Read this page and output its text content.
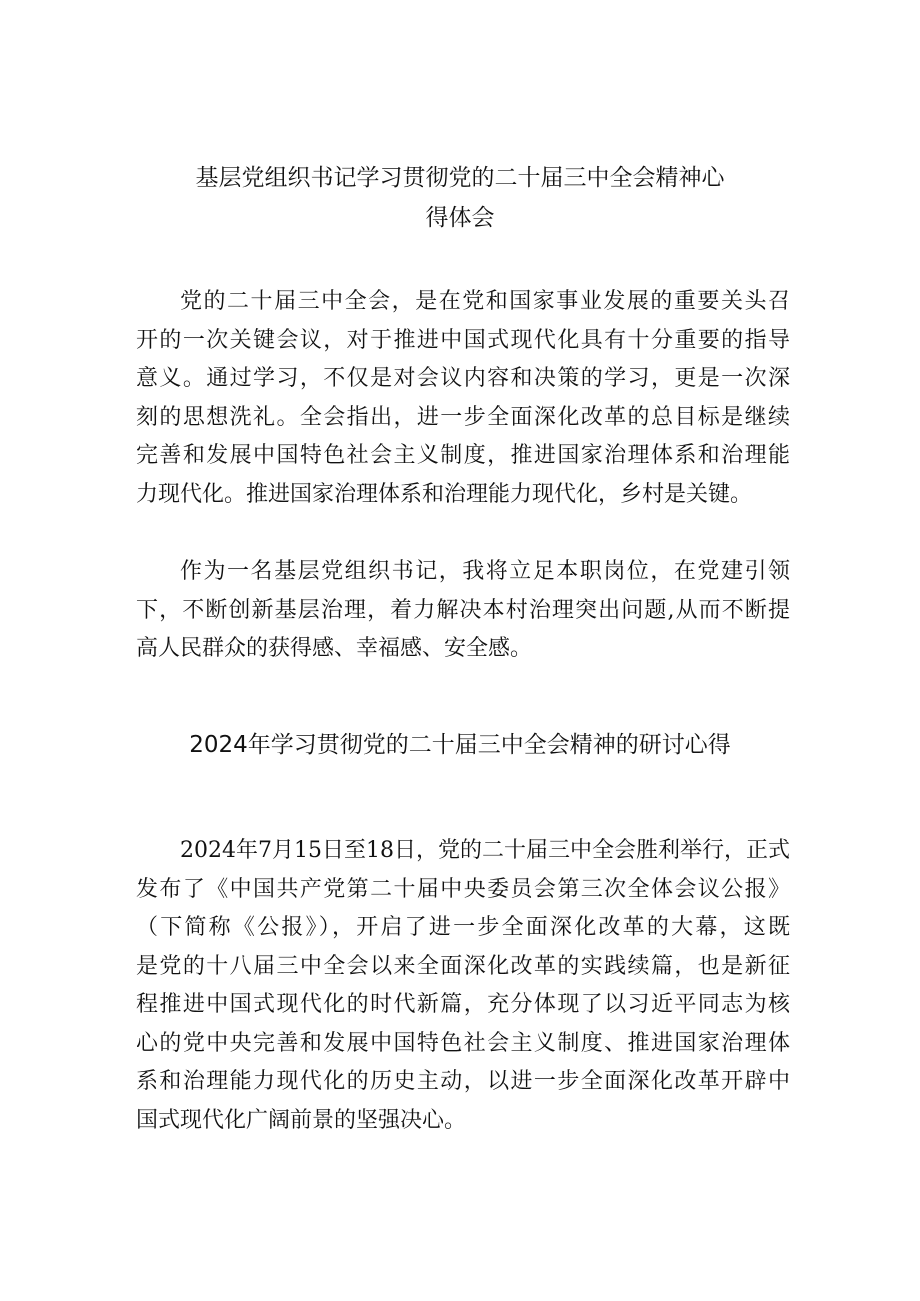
基层党组织书记学习贯彻党的二十届三中全会精神心
得体会
党的二十届三中全会，是在党和国家事业发展的重要关头召
开的一次关键会议，对于推进中国式现代化具有十分重要的指导
意义。通过学习，不仅是对会议内容和决策的学习，更是一次深
刻的思想洗礼。全会指出，进一步全面深化改革的总目标是继续
完善和发展中国特色社会主义制度，推进国家治理体系和治理能
力现代化。推进国家治理体系和治理能力现代化，乡村是关键。
作为一名基层党组织书记，我将立足本职岗位，在党建引领
下，不断创新基层治理，着力解决本村治理突出问题,从而不断提
高人民群众的获得感、幸福感、安全感。
2024年学习贯彻党的二十届三中全会精神的研讨心得
2024年7月15日至18日，党的二十届三中全会胜利举行，正式
发布了《中国共产党第二十届中央委员会第三次全体会议公报》
（下简称《公报》），开启了进一步全面深化改革的大幕，这既
是党的十八届三中全会以来全面深化改革的实践续篇，也是新征
程推进中国式现代化的时代新篇，充分体现了以习近平同志为核
心的党中央完善和发展中国特色社会主义制度、推进国家治理体
系和治理能力现代化的历史主动，以进一步全面深化改革开辟中
国式现代化广阔前景的坚强决心。
